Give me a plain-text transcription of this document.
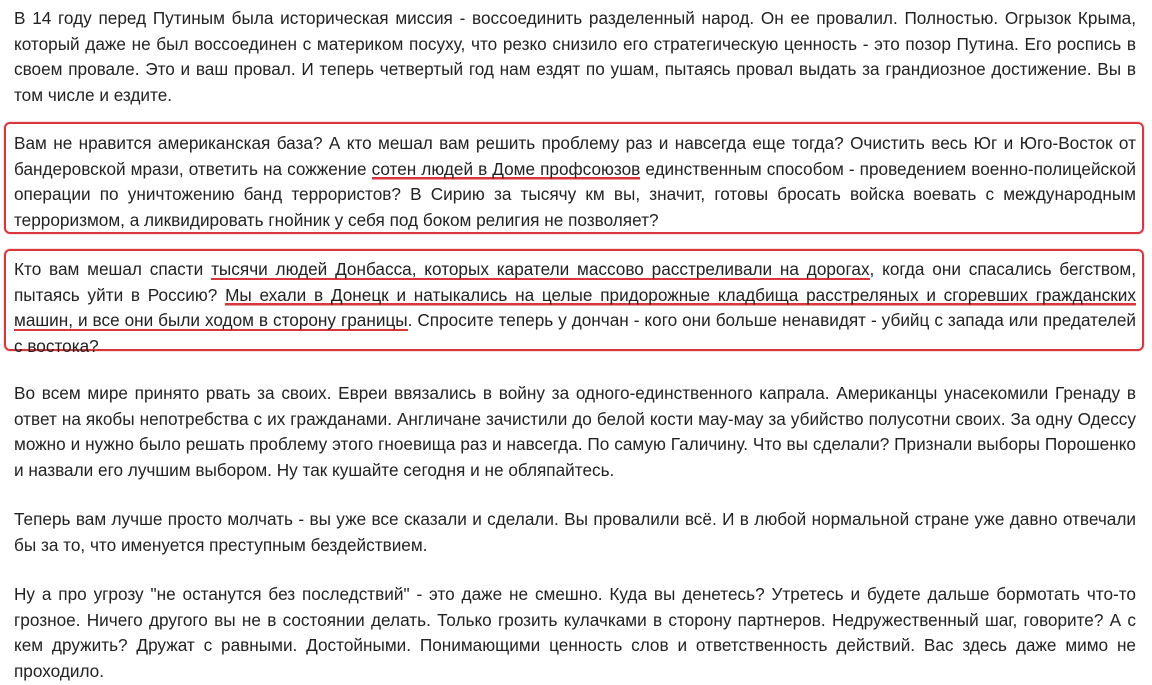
В 14 году перед Путиным была историческая миссия - воссоединить разделенный народ. Он ее провалил. Полностью. Огрызок Крыма, который даже не был воссоединен с материком посуху, что резко снизило его стратегическую ценность - это позор Путина. Его роспись в своем провале. Это и ваш провал. И теперь четвертый год нам ездят по ушам, пытаясь провал выдать за грандиозное достижение. Вы в том числе и ездите.

Вам не нравится американская база? А кто мешал вам решить проблему раз и навсегда еще тогда? Очистить весь Юг и Юго-Восток от бандеровской мрази, ответить на сожжение сотен людей в Доме профсоюзов единственным способом - проведением военно-полицейской операции по уничтожению банд террористов? В Сирию за тысячу км вы, значит, готовы бросать войска воевать с международным терроризмом, а ликвидировать гнойник у себя под боком религия не позволяет?

Кто вам мешал спасти тысячи людей Донбасса, которых каратели массово расстреливали на дорогах, когда они спасались бегством, пытаясь уйти в Россию? Мы ехали в Донецк и натыкались на целые придорожные кладбища расстреляных и сгоревших гражданских машин, и все они были ходом в сторону границы. Спросите теперь у дончан - кого они больше ненавидят - убийц с запада или предателей с востока?

Во всем мире принято рвать за своих. Евреи ввязались в войну за одного-единственного капрала. Американцы унасекомили Гренаду в ответ на якобы непотребства с их гражданами. Англичане зачистили до белой кости мау-мау за убийство полусотни своих. За одну Одессу можно и нужно было решать проблему этого гноевища раз и навсегда. По самую Галичину. Что вы сделали? Признали выборы Порошенко и назвали его лучшим выбором. Ну так кушайте сегодня и не обляпайтесь.

Теперь вам лучше просто молчать - вы уже все сказали и сделали. Вы провалили всё. И в любой нормальной стране уже давно отвечали бы за то, что именуется преступным бездействием.

Ну а про угрозу "не останутся без последствий" - это даже не смешно. Куда вы денетесь? Утретесь и будете дальше бормотать что-то грозное. Ничего другого вы не в состоянии делать. Только грозить кулачками в сторону партнеров. Недружественный шаг, говорите? А с кем дружить? Дружат с равными. Достойными. Понимающими ценность слов и ответственность действий. Вас здесь даже мимо не проходило.
